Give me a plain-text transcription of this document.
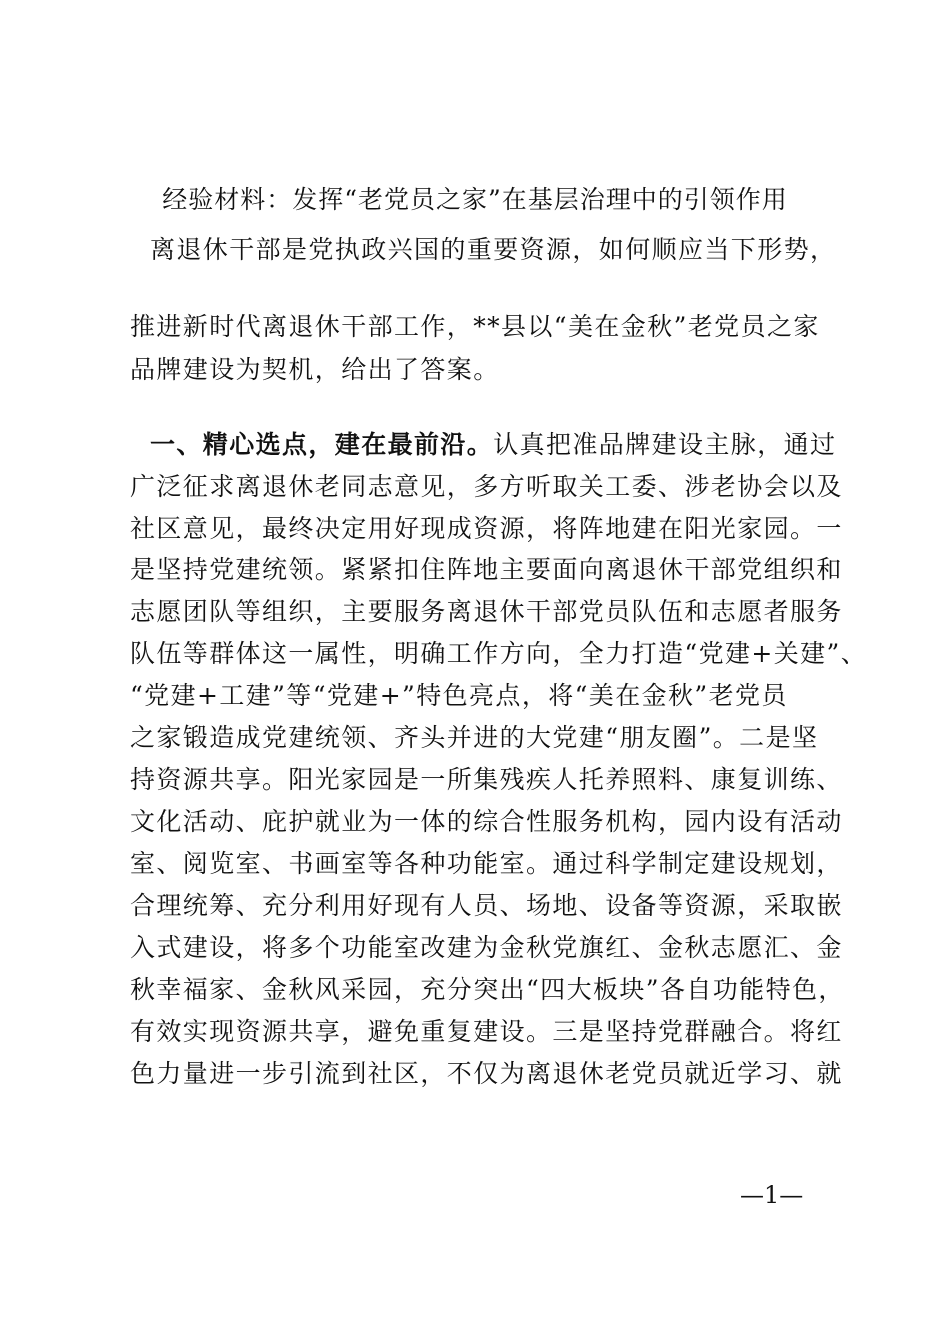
经验材料：发挥“老党员之家”在基层治理中的引领作用
离退休干部是党执政兴国的重要资源，如何顺应当下形势，
推进新时代离退休干部工作，**县以“美在金秋”老党员之家
品牌建设为契机，给出了答案。
一、精心选点，建在最前沿。认真把准品牌建设主脉，通过
广泛征求离退休老同志意见，多方听取关工委、涉老协会以及
社区意见，最终决定用好现成资源，将阵地建在阳光家园。一
是坚持党建统领。紧紧扣住阵地主要面向离退休干部党组织和
志愿团队等组织，主要服务离退休干部党员队伍和志愿者服务
队伍等群体这一属性，明确工作方向，全力打造“党建+关建”、
“党建+工建”等“党建+”特色亮点，将“美在金秋”老党员
之家锻造成党建统领、齐头并进的大党建“朋友圈”。二是坚
持资源共享。阳光家园是一所集残疾人托养照料、康复训练、
文化活动、庇护就业为一体的综合性服务机构，园内设有活动
室、阅览室、书画室等各种功能室。通过科学制定建设规划，
合理统筹、充分利用好现有人员、场地、设备等资源，采取嵌
入式建设，将多个功能室改建为金秋党旗红、金秋志愿汇、金
秋幸福家、金秋风采园，充分突出“四大板块”各自功能特色，
有效实现资源共享，避免重复建设。三是坚持党群融合。将红
色力量进一步引流到社区，不仅为离退休老党员就近学习、就
—1—
